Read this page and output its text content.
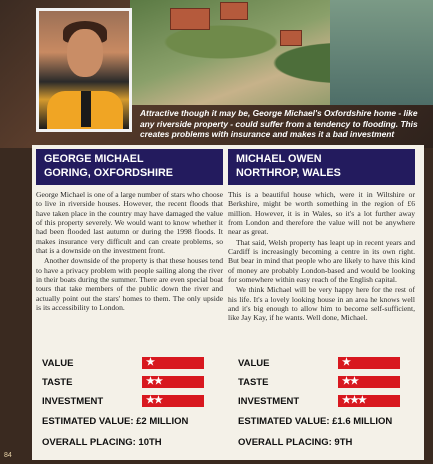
Attractive though it may be, George Michael's Oxfordshire home - like any riverside property - could suffer from a tendency to flooding. This creates problems with insurance and makes it a bad investment
GEORGE MICHAEL
GORING, OXFORDSHIRE

George Michael is one of a large number of stars who choose to live in riverside houses. However, the recent floods that have taken place in the country may have damaged the value of this property severely. We would want to know whether it had been flooded last autumn or during the 1998 floods. It makes insurance very difficult and can create problems, so that is a downside on the investment front.

Another downside of the property is that these houses tend to have a privacy problem with people sailing along the river in their boats during the summer. There are even special boat tours that take members of the public down the river and actually point out the stars' homes to them. The only upside is its accessibility to London.

MICHAEL OWEN
NORTHROP, WALES

This is a beautiful house which, were it in Wiltshire or Berkshire, might be worth something in the region of £6 million. However, it is in Wales, so it's a lot further away from London and therefore the value will not be anywhere near as great.

That said, Welsh property has leapt up in recent years and Cardiff is increasingly becoming a centre in its own right. But bear in mind that people who are likely to have this kind of money are probably London-based and would be looking for somewhere within easy reach of the English capital.

We think Michael will be very happy here for the rest of his life. It's a lovely looking house in an area he knows well and it's big enough to allow him to become self-sufficient, like Jay Kay, if he wants. Well done, Michael.

VALUE	★
TASTE	★★
INVESTMENT	★★
ESTIMATED VALUE: £2 MILLION
OVERALL PLACING: 10TH
VALUE	★
TASTE	★★
INVESTMENT	★★★
ESTIMATED VALUE: £1.6 MILLION
OVERALL PLACING: 9TH
84
